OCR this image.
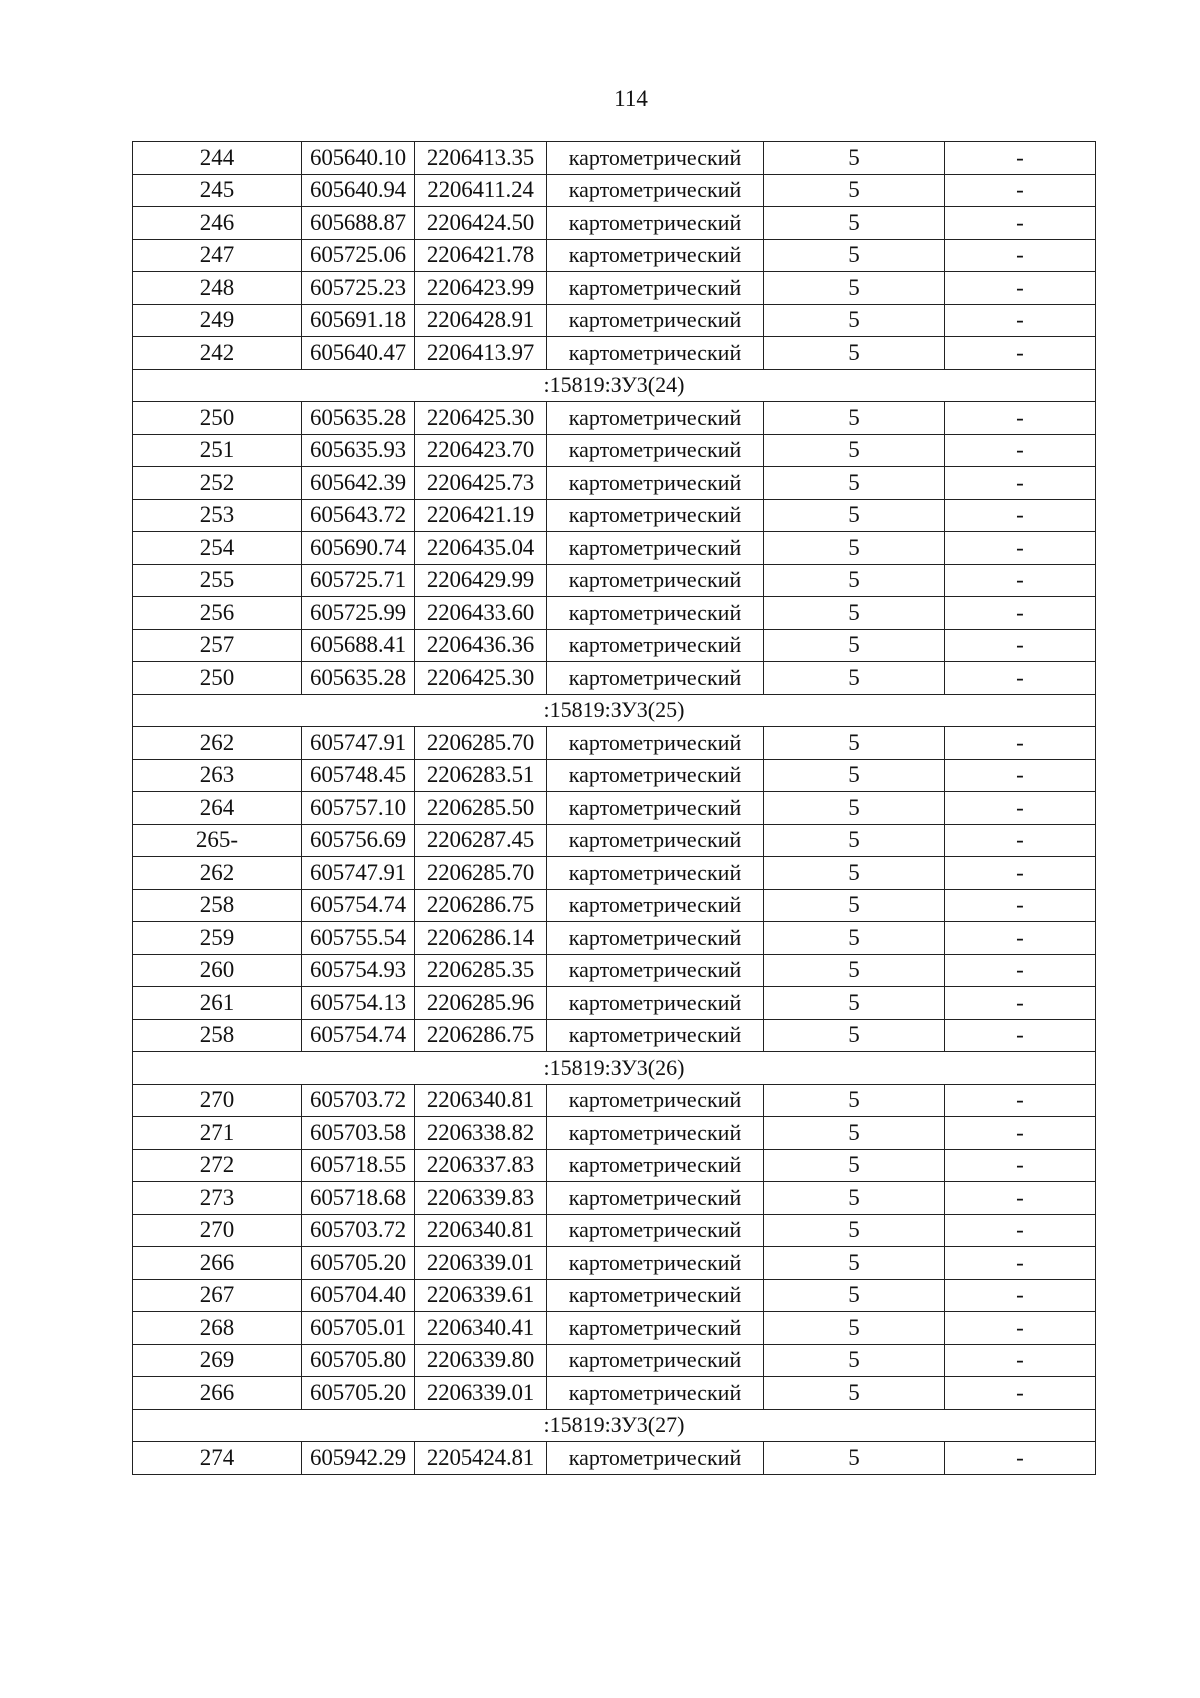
114
244	605640.10	2206413.35	картометрический	5	-
245	605640.94	2206411.24	картометрический	5	-
246	605688.87	2206424.50	картометрический	5	-
247	605725.06	2206421.78	картометрический	5	-
248	605725.23	2206423.99	картометрический	5	-
249	605691.18	2206428.91	картометрический	5	-
242	605640.47	2206413.97	картометрический	5	-
:15819:ЗУ3(24)					
250	605635.28	2206425.30	картометрический	5	-
251	605635.93	2206423.70	картометрический	5	-
252	605642.39	2206425.73	картометрический	5	-
253	605643.72	2206421.19	картометрический	5	-
254	605690.74	2206435.04	картометрический	5	-
255	605725.71	2206429.99	картометрический	5	-
256	605725.99	2206433.60	картометрический	5	-
257	605688.41	2206436.36	картометрический	5	-
250	605635.28	2206425.30	картометрический	5	-
:15819:ЗУ3(25)					
262	605747.91	2206285.70	картометрический	5	-
263	605748.45	2206283.51	картометрический	5	-
264	605757.10	2206285.50	картометрический	5	-
265-	605756.69	2206287.45	картометрический	5	-
262	605747.91	2206285.70	картометрический	5	-
258	605754.74	2206286.75	картометрический	5	-
259	605755.54	2206286.14	картометрический	5	-
260	605754.93	2206285.35	картометрический	5	-
261	605754.13	2206285.96	картометрический	5	-
258	605754.74	2206286.75	картометрический	5	-
:15819:ЗУ3(26)					
270	605703.72	2206340.81	картометрический	5	-
271	605703.58	2206338.82	картометрический	5	-
272	605718.55	2206337.83	картометрический	5	-
273	605718.68	2206339.83	картометрический	5	-
270	605703.72	2206340.81	картометрический	5	-
266	605705.20	2206339.01	картометрический	5	-
267	605704.40	2206339.61	картометрический	5	-
268	605705.01	2206340.41	картометрический	5	-
269	605705.80	2206339.80	картометрический	5	-
266	605705.20	2206339.01	картометрический	5	-
:15819:ЗУ3(27)					
274	605942.29	2205424.81	картометрический	5	-
